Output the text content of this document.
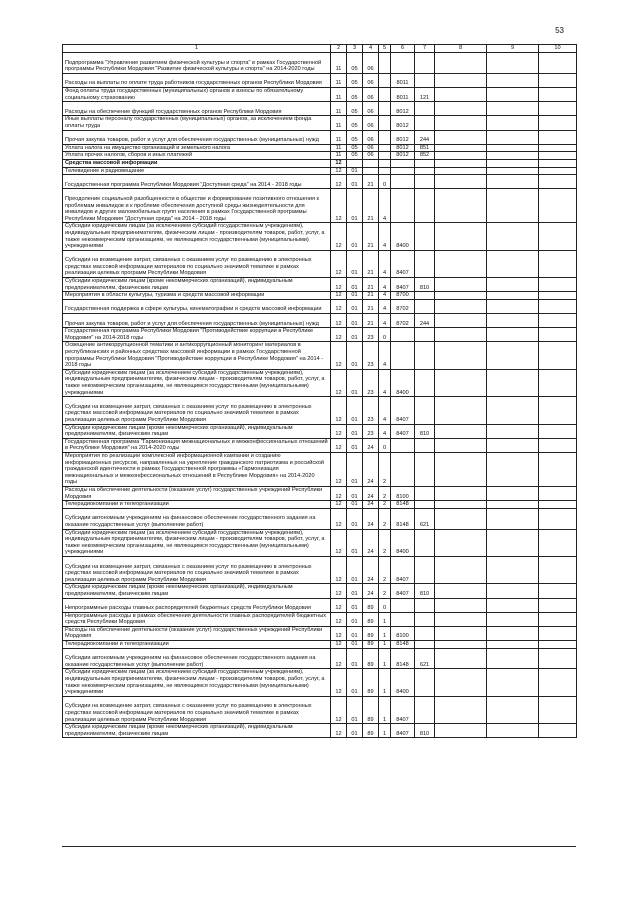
53
1	2	3	4	5	6	7	8	9	10
Подпрограмма "Управление развитием физической культуры и спорта" в рамках Государственной программы Республики Мордовия "Развитие физической культуры и спорта" на 2014-2020 годы	11	05	06						
Расходы на выплаты по оплате труда работников государственных органов Республики Мордовия	11	05	06		8011				
Фонд оплаты труда государственных (муниципальных) органов и взносы по обязательному социальному страхованию	11	05	06		8011	121			
Расходы на обеспечение функций государственных органов Республики Мордовия	11	05	06		8012				
Иные выплаты персоналу государственных (муниципальных) органов, за исключением фонда оплаты труда	11	05	06		8012				
Прочая закупка товаров, работ и услуг для обеспечения государственных (муниципальных) нужд	11	05	06		8012	244			
Уплата налога на имущество организаций и земельного налога	11	05	06		8012	851			
Уплата прочих налогов, сборов и иных платежей	11	05	06		8012	852			
Средства массовой информации	12								
Телевидение и радиовещание	12	01							
Государственная программа Республики Мордовия "Доступная среда" на 2014 - 2018 годы	12	01	21	0					
Преодоление социальной разобщенности в обществе и формирование позитивного отношения к проблемам инвалидов и к проблеме обеспечения доступной среды жизнедеятельности для инвалидов и других маломобильных групп населения в рамках Государственной программы Республики Мордовия "Доступная среда" на 2014 - 2018 годы	12	01	21	4					
Субсидии юридическим лицам (за исключением субсидий государственным учреждениям), индивидуальным предпринимателям, физическим лицам - производителям товаров, работ, услуг, а также некоммерческим организациям, не являющимся государственными (муниципальными) учреждениями	12	01	21	4	8400				
Субсидии на возмещение затрат, связанных с оказанием услуг по размещению в электронных средствах массовой информации материалов по социально значимой тематике в рамках реализации целевых программ Республики Мордовия	12	01	21	4	8407				
Субсидии юридическим лицам (кроме некоммерческих организаций), индивидуальным предпринимателям, физическим лицам	12	01	21	4	8407	810			
Мероприятия в области культуры, туризма и средств массовой информации	12	01	21	4	8700				
Государственная поддержка в сфере культуры, кинематографии и средств массовой информации	12	01	21	4	8702				
Прочая закупка товаров, работ и услуг для обеспечения государственных (муниципальных) нужд	12	01	21	4	8702	244			
Государственная программа Республики Мордовия "Противодействие коррупции в Республике Мордовия" на 2014-2018 годы	12	01	23	0					
Освещение антикоррупционной тематики и антикоррупционный мониторинг материалов в республиканских и районных средствах массовой информации в рамках Государственной программы Республики Мордовия "Противодействие коррупции в Республике Мордовия" на 2014 - 2018 годы	12	01	23	4					
Субсидии юридическим лицам (за исключением субсидий государственным учреждениям), индивидуальным предпринимателям, физическим лицам - производителям товаров, работ, услуг, а также некоммерческим организациям, не являющимся государственными (муниципальными) учреждениями	12	01	23	4	8400				
Субсидии на возмещение затрат, связанных с оказанием услуг по размещению в электронных средствах массовой информации материалов по социально значимой тематике в рамках реализации целевых программ Республики Мордовия	12	01	23	4	8407				
Субсидии юридическим лицам (кроме некоммерческих организаций), индивидуальным предпринимателям, физическим лицам	12	01	23	4	8407	810			
Государственная программа "Гармонизация межнациональных и межконфессиональных отношений в Республике Мордовия" на 2014-2020 годы	12	01	24	0					
Мероприятия по реализации комплексной информационной кампании и созданию информационных ресурсов, направленных на укрепление гражданского патриотизма и российской гражданской идентичности в рамках Государственной программы «Гармонизация межнациональных и межконфессиональных отношений в Республике Мордовия» на 2014-2020 годы	12	01	24	2					
Расходы на обеспечение деятельности (оказание услуг) государственных учреждений Республики Мордовия	12	01	24	2	8100				
Телерадиокомпании и телеорганизации	12	01	24	2	8148				
Субсидии автономным учреждениям на финансовое обеспечение государственного задания на оказание государственных услуг (выполнение работ)	12	01	24	2	8148	621			
Субсидии юридическим лицам (за исключением субсидий государственным учреждениям), индивидуальным предпринимателям, физическим лицам - производителям товаров, работ, услуг, а также некоммерческим организациям, не являющимся государственными (муниципальными) учреждениями	12	01	24	2	8400				
Субсидии на возмещение затрат, связанных с оказанием услуг по размещению в электронных средствах массовой информации материалов по социально значимой тематике в рамках реализации целевых программ Республики Мордовия	12	01	24	2	8407				
Субсидии юридическим лицам (кроме некоммерческих организаций), индивидуальным предпринимателям, физическим лицам	12	01	24	2	8407	810			
Непрограммные расходы главных распорядителей бюджетных средств Республики Мордовия	12	01	89	0					
Непрограммные расходы в рамках обеспечения деятельности главных распорядителей бюджетных средств Республики Мордовия	12	01	89	1					
Расходы на обеспечение деятельности (оказание услуг) государственных учреждений Республики Мордовия	12	01	89	1	8100				
Телерадиокомпании и телеорганизации	12	01	89	1	8148				
Субсидии автономным учреждениям на финансовое обеспечение государственного задания на оказание государственных услуг (выполнение работ)	12	01	89	1	8148	621			
Субсидии юридическим лицам (за исключением субсидий государственным учреждениям), индивидуальным предпринимателям, физическим лицам - производителям товаров, работ, услуг, а также некоммерческим организациям, не являющимся государственными (муниципальными) учреждениями	12	01	89	1	8400				
Субсидии на возмещение затрат, связанных с оказанием услуг по размещению в электронных средствах массовой информации материалов по социально значимой тематике в рамках реализации целевых программ Республики Мордовия	12	01	89	1	8407				
Субсидии юридическим лицам (кроме некоммерческих организаций), индивидуальным предпринимателям, физическим лицам	12	01	89	1	8407	810			
